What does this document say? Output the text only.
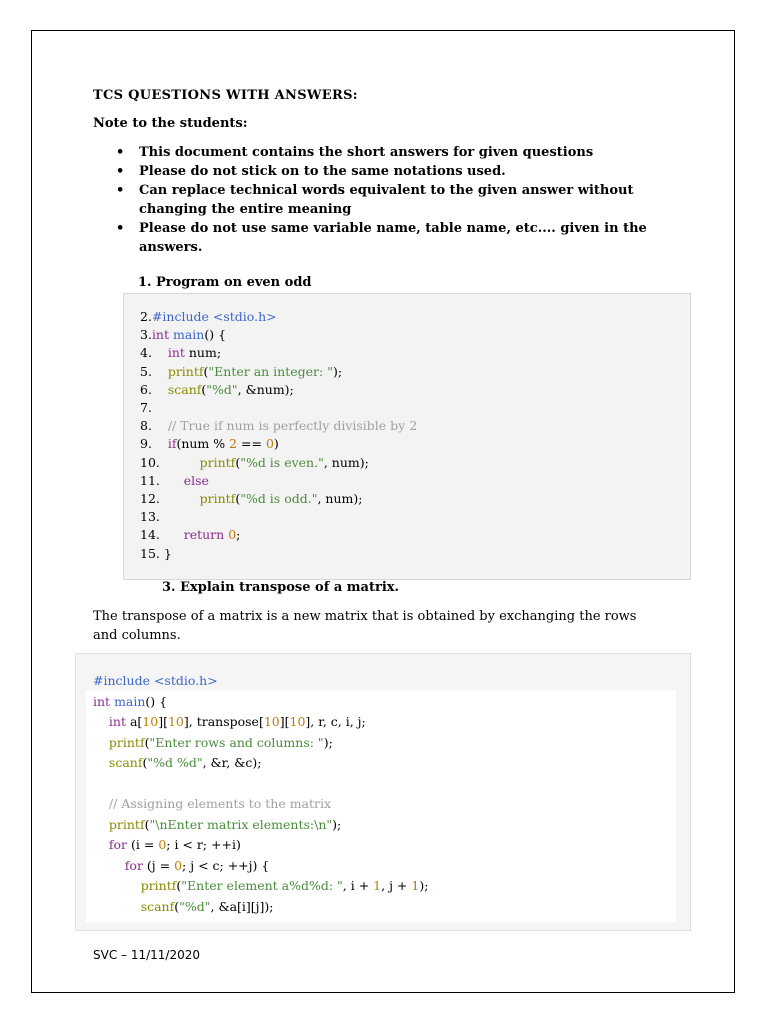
TCS QUESTIONS WITH ANSWERS:
Note to the students:
• This document contains the short answers for given questions
• Please do not stick on to the same notations used.
• Can replace technical words equivalent to the given answer without changing the entire meaning
• Please do not use same variable name, table name, etc.... given in the answers.
1. Program on even odd
2.#include <stdio.h>
3.int main() {
4.    int num;
5.    printf("Enter an integer: ");
6.    scanf("%d", &num);
7.
8.    // True if num is perfectly divisible by 2
9.    if(num % 2 == 0)
10.          printf("%d is even.", num);
11.      else
12.          printf("%d is odd.", num);
13.
14.      return 0;
15. }
3. Explain transpose of a matrix.
The transpose of a matrix is a new matrix that is obtained by exchanging the rows and columns.
#include <stdio.h>
int main() {
int a[10][10], transpose[10][10], r, c, i, j;
printf("Enter rows and columns: ");
scanf("%d %d", &r, &c);

// Assigning elements to the matrix
printf("\nEnter matrix elements:\n");
for (i = 0; i < r; ++i)
for (j = 0; j < c; ++j) {
printf("Enter element a%d%d: ", i + 1, j + 1);
scanf("%d", &a[i][j]);
SVC – 11/11/2020
